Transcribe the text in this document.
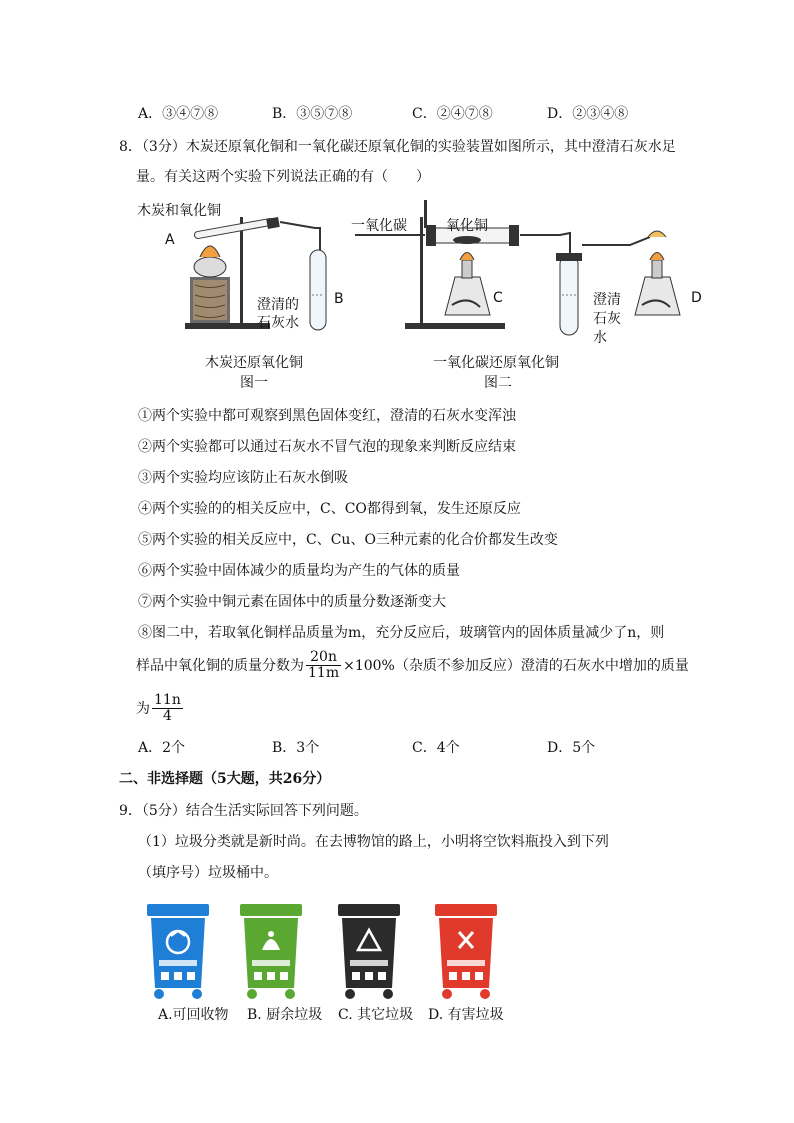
A．③④⑦⑧	B．③⑤⑦⑧	C．②④⑦⑧	D．②③④⑧
8．（3分）木炭还原氧化铜和一氧化碳还原氧化铜的实验装置如图所示，其中澄清石灰水足
量。有关这两个实验下列说法正确的有（　　）
木炭和氧化铜
A
B
澄清的
石灰水
木炭还原氧化铜
图一
一氧化碳	氧化铜
C	D
澄清
石灰
水
一氧化碳还原氧化铜
图二
①两个实验中都可观察到黑色固体变红，澄清的石灰水变浑浊
②两个实验都可以通过石灰水不冒气泡的现象来判断反应结束
③两个实验均应该防止石灰水倒吸
④两个实验的的相关反应中，C、CO都得到氧，发生还原反应
⑤两个实验的相关反应中，C、Cu、O三种元素的化合价都发生改变
⑥两个实验中固体减少的质量均为产生的气体的质量
⑦两个实验中铜元素在固体中的质量分数逐渐变大
⑧图二中，若取氧化铜样品质量为m，充分反应后，玻璃管内的固体质量减少了n，则
样品中氧化铜的质量分数为 $\frac{20n}{11m} \times 100\%$（杂质不参加反应）澄清的石灰水中增加的质量
为 $\frac{11n}{4}$
A．2个	B．3个	C．4个	D．5个
二、非选择题（5大题，共26分）
9．（5分）结合生活实际回答下列问题。
（1）垃圾分类就是新时尚。在去博物馆的路上，小明将空饮料瓶投入到下列
（填序号）垃圾桶中。
A.可回收物 B. 厨余垃圾 C. 其它垃圾 D. 有害垃圾
